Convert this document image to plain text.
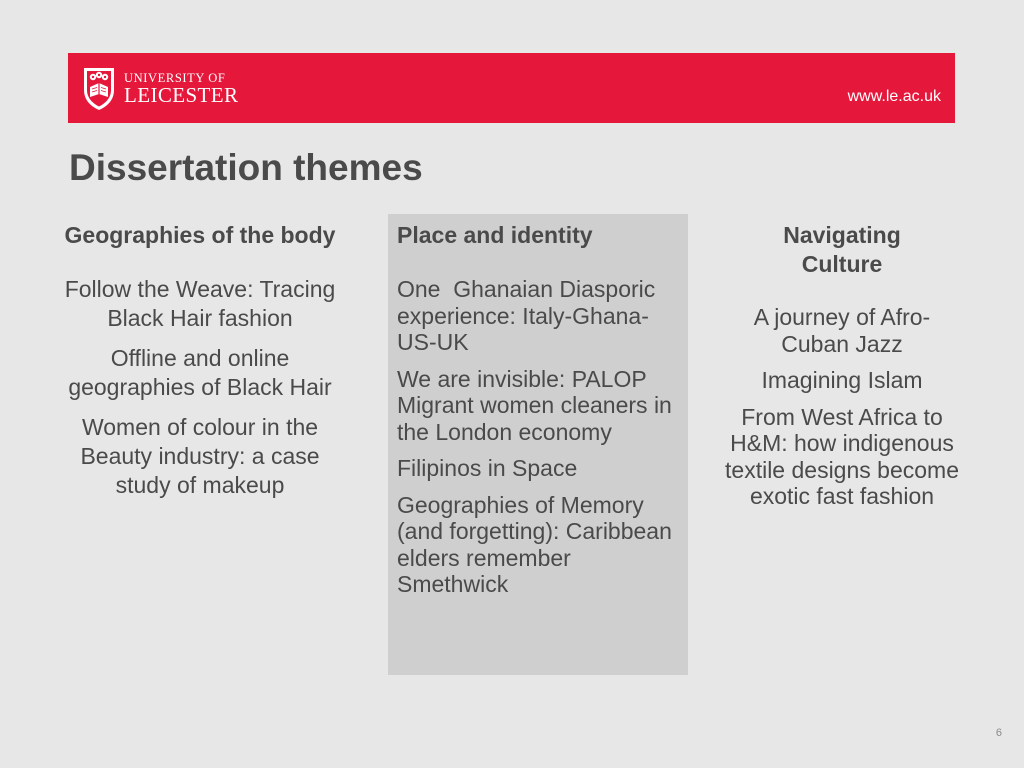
UNIVERSITY OF
LEICESTER	www.le.ac.uk
Dissertation themes
Geographies of the body
Follow the Weave: Tracing Black Hair fashion
Offline and online geographies of Black Hair
Women of colour in the Beauty industry: a case study of makeup
Place and identity
One  Ghanaian Diasporic experience: Italy-Ghana-US-UK
We are invisible: PALOP Migrant women cleaners in the London economy
Filipinos in Space
Geographies of Memory (and forgetting): Caribbean elders remember Smethwick
Navigating Culture
A journey of Afro-Cuban Jazz
Imagining Islam
From West Africa to H&M: how indigenous textile designs become exotic fast fashion
6
